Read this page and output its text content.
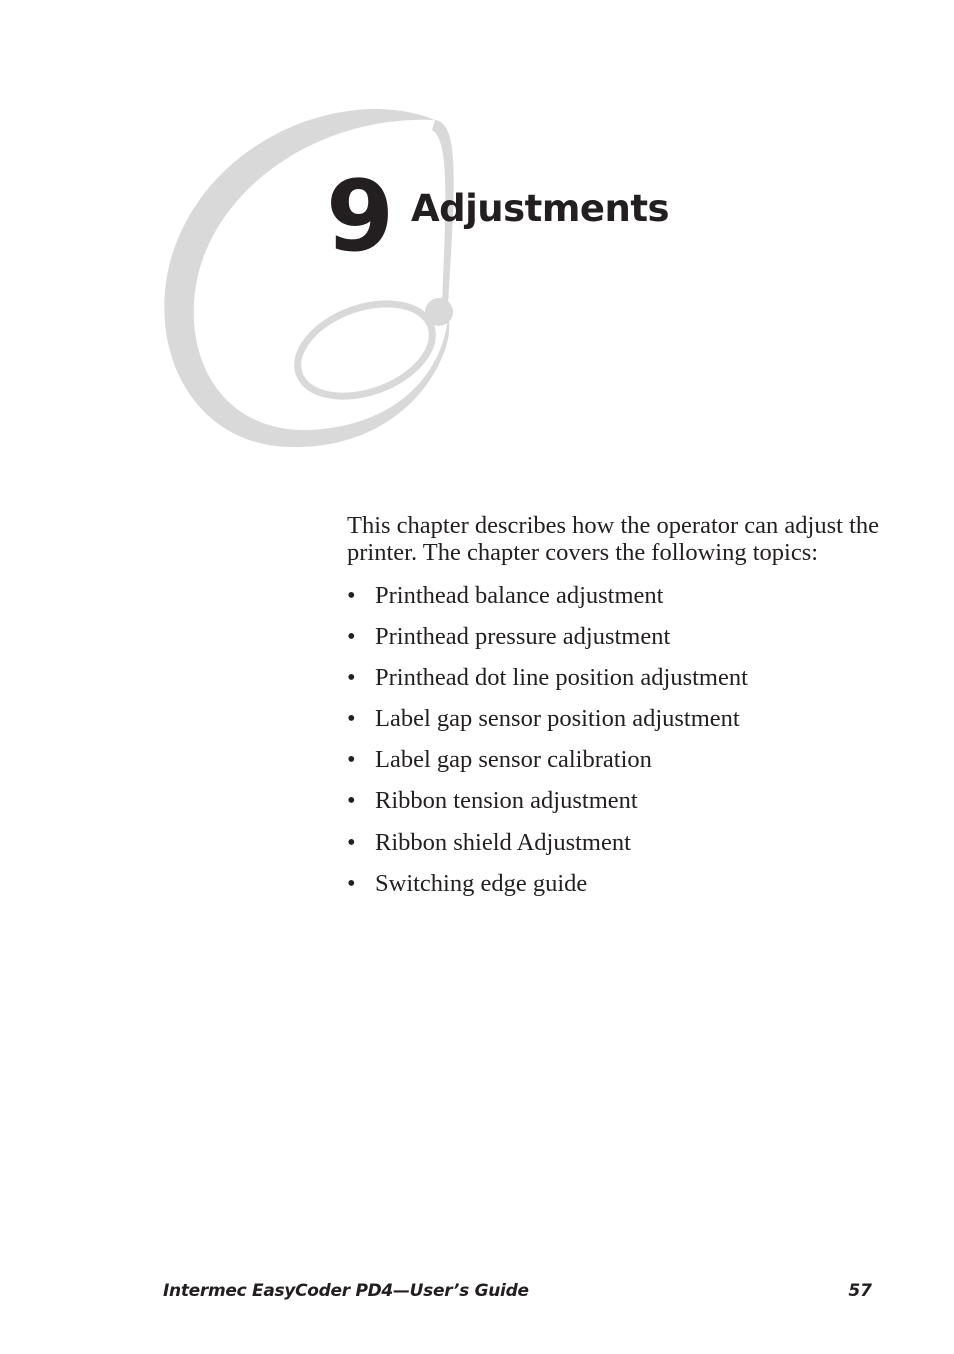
9 Adjustments

This chapter describes how the operator can adjust the printer. The chapter covers the following topics:

• Printhead balance adjustment
• Printhead pressure adjustment
• Printhead dot line position adjustment
• Label gap sensor position adjustment
• Label gap sensor calibration
• Ribbon tension adjustment
• Ribbon shield Adjustment
• Switching edge guide
Intermec EasyCoder PD4—User’s Guide	57
